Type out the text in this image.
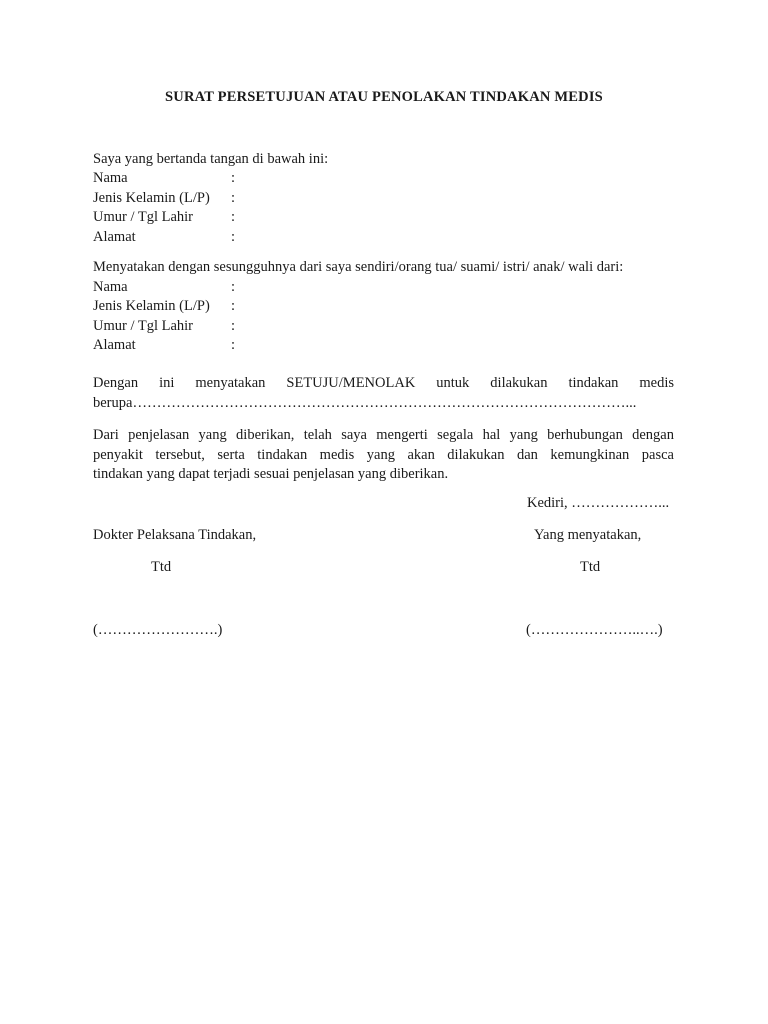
SURAT PERSETUJUAN ATAU PENOLAKAN TINDAKAN MEDIS
Saya yang bertanda tangan di bawah ini:
Nama	:
Jenis Kelamin (L/P) :
Umur / Tgl Lahir	:
Alamat	:
Menyatakan dengan sesungguhnya dari saya sendiri/orang tua/ suami/ istri/ anak/ wali dari:
Nama	:
Jenis Kelamin (L/P) :
Umur / Tgl Lahir	:
Alamat	:
Dengan ini menyatakan SETUJU/MENOLAK untuk dilakukan tindakan medis
berupa…………………………………………………………………………………………...
Dari penjelasan yang diberikan, telah saya mengerti segala hal yang berhubungan dengan
penyakit tersebut, serta tindakan medis yang akan dilakukan dan kemungkinan pasca
tindakan yang dapat terjadi sesuai penjelasan yang diberikan.
Kediri, ………………...
Dokter Pelaksana Tindakan,	Yang menyatakan,
Ttd	Ttd
(…………………….)	(…………………..….)
